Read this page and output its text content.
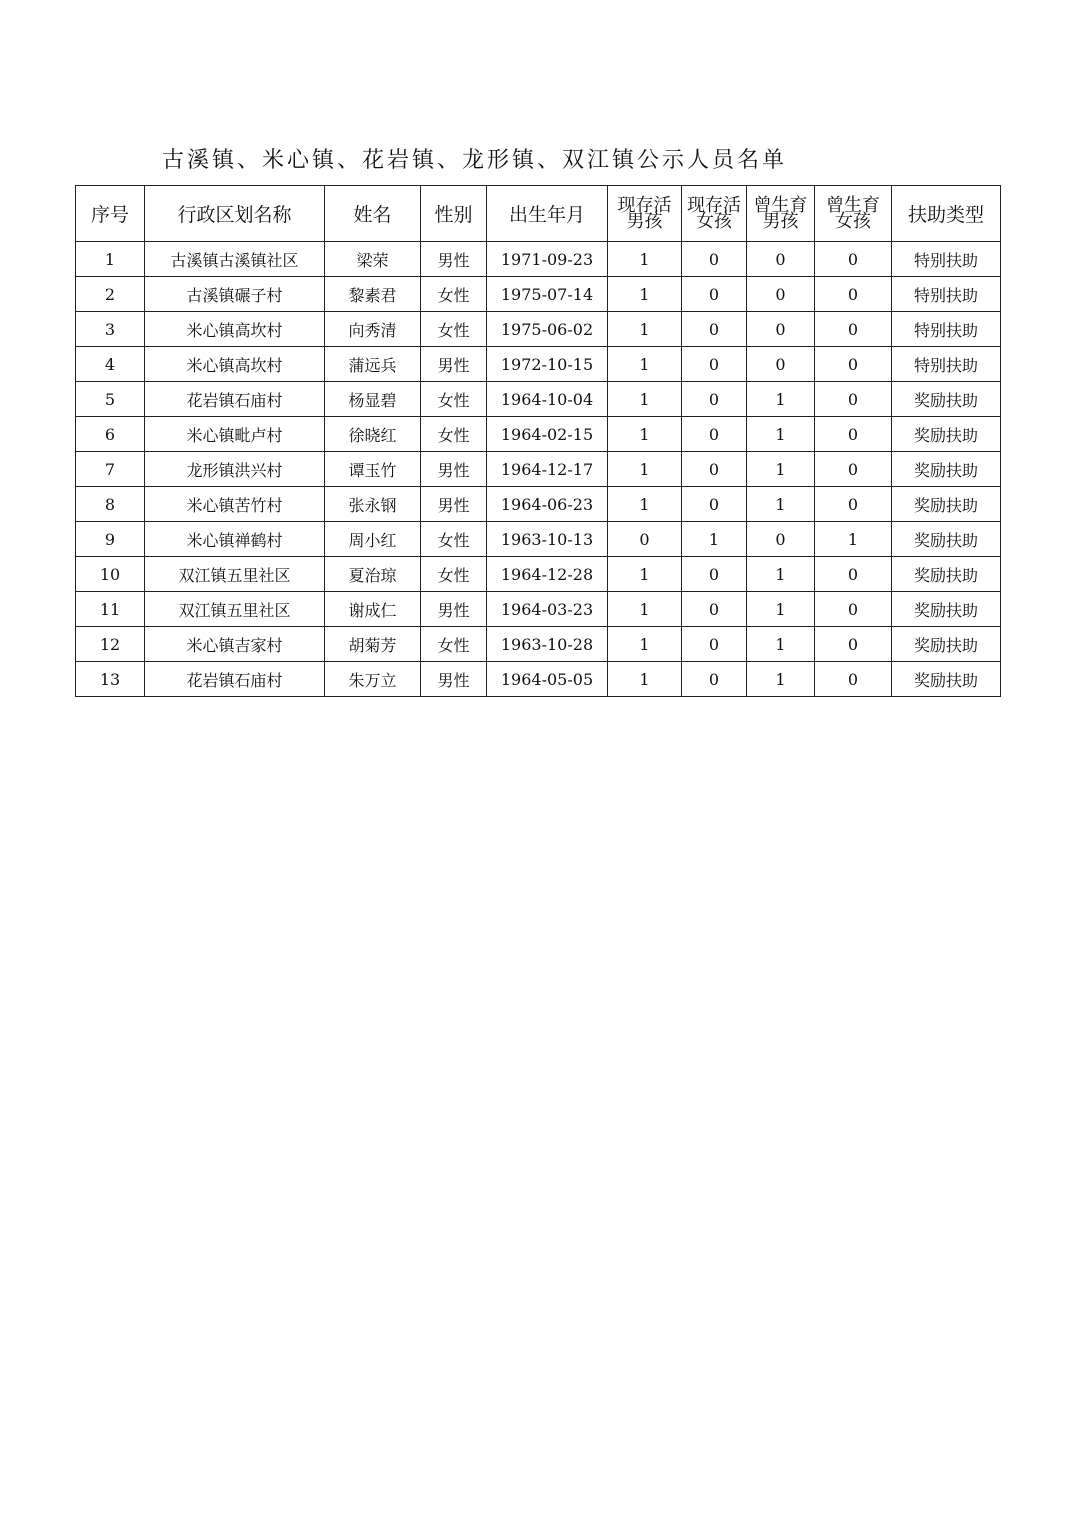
古溪镇、米心镇、花岩镇、龙形镇、双江镇公示人员名单
序号	行政区划名称	姓名	性别	出生年月	现存活男孩	现存活女孩	曾生育男孩	曾生育女孩	扶助类型
1	古溪镇古溪镇社区	梁荣	男性	1971-09-23	1	0	0	0	特别扶助
2	古溪镇碾子村	黎素君	女性	1975-07-14	1	0	0	0	特别扶助
3	米心镇高坎村	向秀清	女性	1975-06-02	1	0	0	0	特别扶助
4	米心镇高坎村	蒲远兵	男性	1972-10-15	1	0	0	0	特别扶助
5	花岩镇石庙村	杨显碧	女性	1964-10-04	1	0	1	0	奖励扶助
6	米心镇毗卢村	徐晓红	女性	1964-02-15	1	0	1	0	奖励扶助
7	龙形镇洪兴村	谭玉竹	男性	1964-12-17	1	0	1	0	奖励扶助
8	米心镇苦竹村	张永钢	男性	1964-06-23	1	0	1	0	奖励扶助
9	米心镇禅鹤村	周小红	女性	1963-10-13	0	1	0	1	奖励扶助
10	双江镇五里社区	夏治琼	女性	1964-12-28	1	0	1	0	奖励扶助
11	双江镇五里社区	谢成仁	男性	1964-03-23	1	0	1	0	奖励扶助
12	米心镇吉家村	胡菊芳	女性	1963-10-28	1	0	1	0	奖励扶助
13	花岩镇石庙村	朱万立	男性	1964-05-05	1	0	1	0	奖励扶助
